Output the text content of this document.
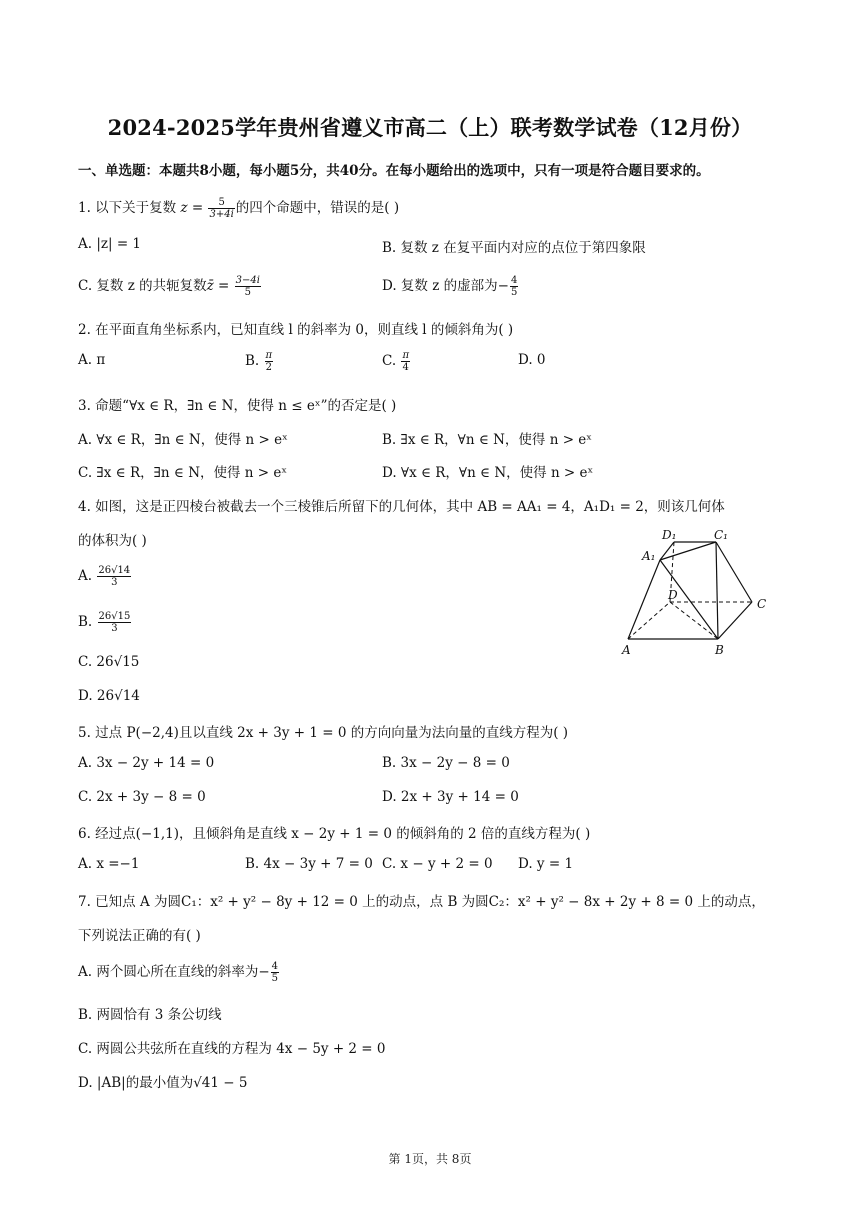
2024-2025学年贵州省遵义市高二（上）联考数学试卷（12月份）
一、单选题：本题共8小题，每小题5分，共40分。在每小题给出的选项中，只有一项是符合题目要求的。
1. 以下关于复数 $z = \frac{5}{3+4i}$ 的四个命题中，错误的是( )
A. |z| = 1	B. 复数 z 在复平面内对应的点位于第四象限
C. 复数 z 的共轭复数z̄ = $\frac{3-4i}{5}$	D. 复数 z 的虚部为− $\frac{4}{5}$
2. 在平面直角坐标系内，已知直线 l 的斜率为 0，则直线 l 的倾斜角为( )
A. π	B. $\frac{\pi}{2}$	C. $\frac{\pi}{4}$	D. 0
3. 命题“∀x ∈ R，∃n ∈ N，使得 n ≤ eˣ”的否定是( )
A. ∀x ∈ R，∃n ∈ N，使得 n > eˣ	B. ∃x ∈ R，∀n ∈ N，使得 n > eˣ
C. ∃x ∈ R，∃n ∈ N，使得 n > eˣ	D. ∀x ∈ R，∀n ∈ N，使得 n > eˣ
4. 如图，这是正四棱台被截去一个三棱锥后所留下的几何体，其中 AB = AA₁ = 4，A₁D₁ = 2，则该几何体
的体积为( )
A. $\frac{26√14}{3}$
B. $\frac{26√15}{3}$
C. 26√15
D. 26√14
D₁	C₁
A₁
D
C
A	B
5. 过点 P(−2,4)且以直线 2x + 3y + 1 = 0 的方向向量为法向量的直线方程为( )
A. 3x − 2y + 14 = 0	B. 3x − 2y − 8 = 0
C. 2x + 3y − 8 = 0	D. 2x + 3y + 14 = 0
6. 经过点(−1,1)，且倾斜角是直线 x − 2y + 1 = 0 的倾斜角的 2 倍的直线方程为( )
A. x =−1	B. 4x − 3y + 7 = 0 C. x − y + 2 = 0 D. y = 1
7. 已知点 A 为圆C₁：x² + y² − 8y + 12 = 0 上的动点，点 B 为圆C₂：x² + y² − 8x + 2y + 8 = 0 上的动点，
下列说法正确的有( )
A. 两个圆心所在直线的斜率为− $\frac{4}{5}$
B. 两圆恰有 3 条公切线
C. 两圆公共弦所在直线的方程为 4x − 5y + 2 = 0
D. |AB|的最小值为√41 − 5
第 1页，共 8页
